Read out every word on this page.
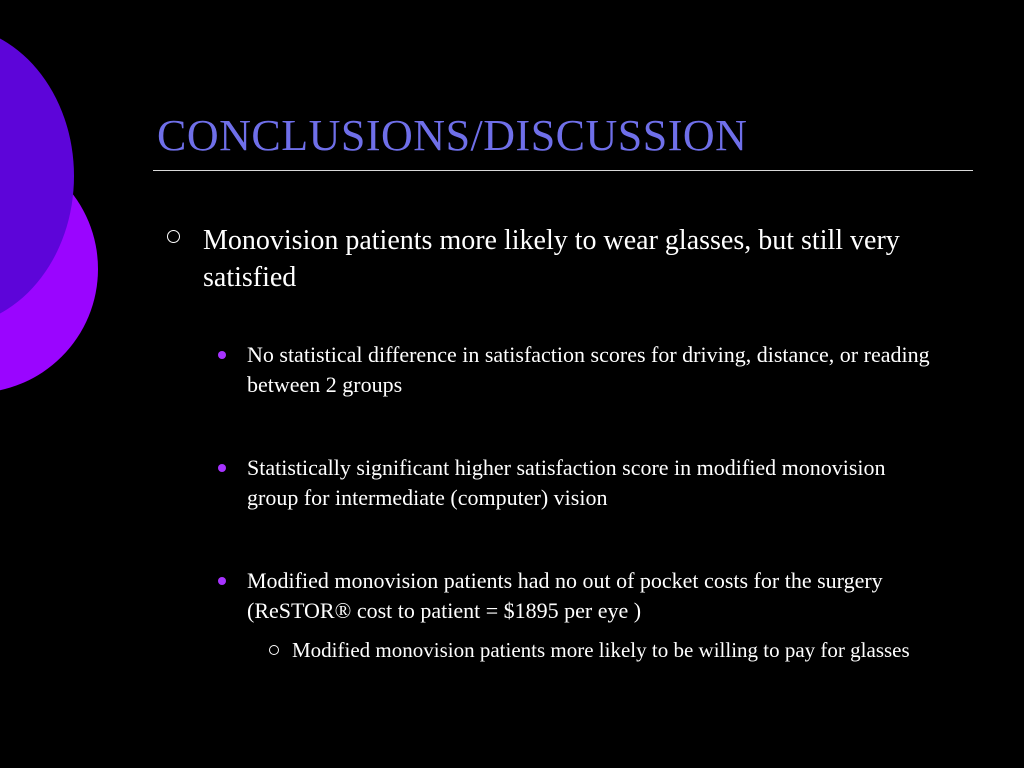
CONCLUSIONS/DISCUSSION
Monovision patients more likely to wear glasses, but still very satisfied
No statistical difference in satisfaction scores for driving, distance, or reading between 2 groups
Statistically significant higher satisfaction score in modified monovision group for intermediate (computer) vision
Modified monovision patients had no out of pocket costs for the surgery (ReSTOR® cost to patient = $1895 per eye )
Modified monovision patients more likely to be willing to pay for glasses
